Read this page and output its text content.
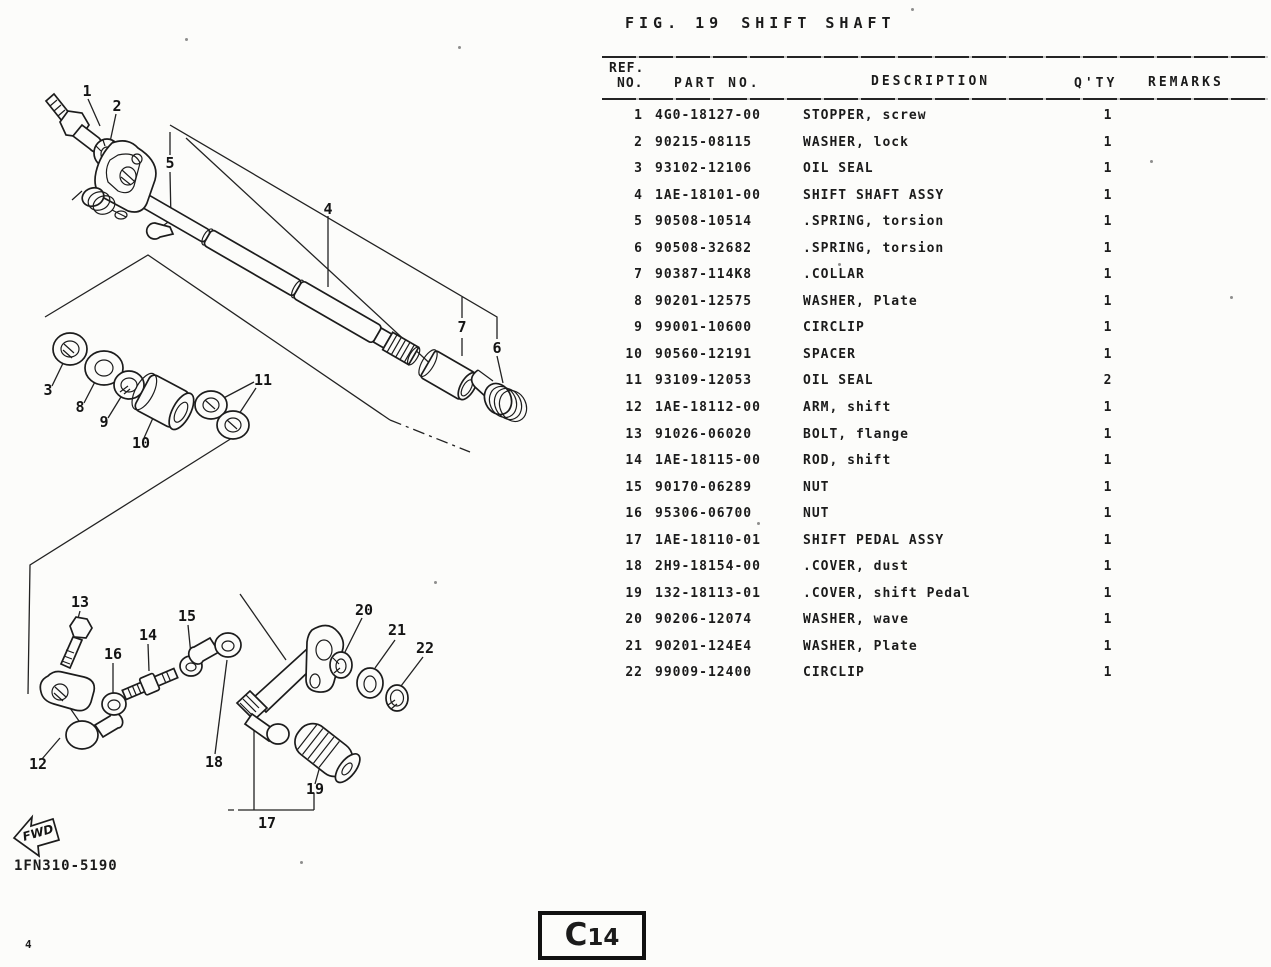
FWD
1
2
5
4
7
6
3
8
9
10
11
13
15
14
16
12	18
20
21
22
19
17
1FN310-5190
FIG. 19 SHIFT SHAFT
REF.
NO. PART NO.	DESCRIPTION	Q'TY REMARKS
1 4G0-18127-00	STOPPER, screw	1
2 90215-08115	WASHER, lock	1
3 93102-12106	OIL SEAL	1
4 1AE-18101-00	SHIFT SHAFT ASSY	1
5 90508-10514	.SPRING, torsion	1
6 90508-32682	.SPRING, torsion	1
7 90387-114K8	.COLLAR	1
8 90201-12575	WASHER, Plate	1
9 99001-10600	CIRCLIP	1
10 90560-12191	SPACER	1
11 93109-12053	OIL SEAL	2
12 1AE-18112-00	ARM, shift	1
13 91026-06020	BOLT, flange	1
14 1AE-18115-00	ROD, shift	1
15 90170-06289	NUT	1
16 95306-06700	NUT	1
17 1AE-18110-01	SHIFT PEDAL ASSY	1
18 2H9-18154-00	.COVER, dust	1
19 132-18113-01	.COVER, shift Pedal	1
20 90206-12074	WASHER, wave	1
21 90201-124E4	WASHER, Plate	1
22 99009-12400	CIRCLIP	1
C 14
4
